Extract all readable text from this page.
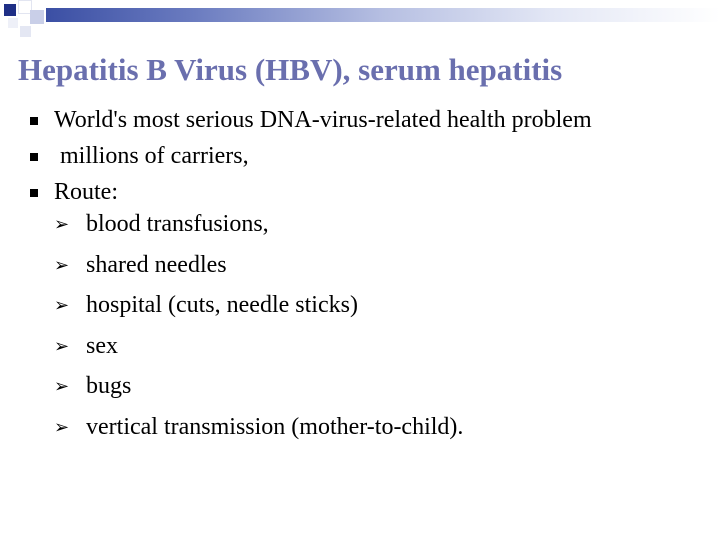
Hepatitis B Virus (HBV), serum hepatitis
World's most serious DNA-virus-related health problem
millions of carriers,
Route:
➢ blood transfusions,
➢ shared needles
➢ hospital (cuts, needle sticks)
➢ sex
➢ bugs
➢ vertical transmission (mother-to-child).
